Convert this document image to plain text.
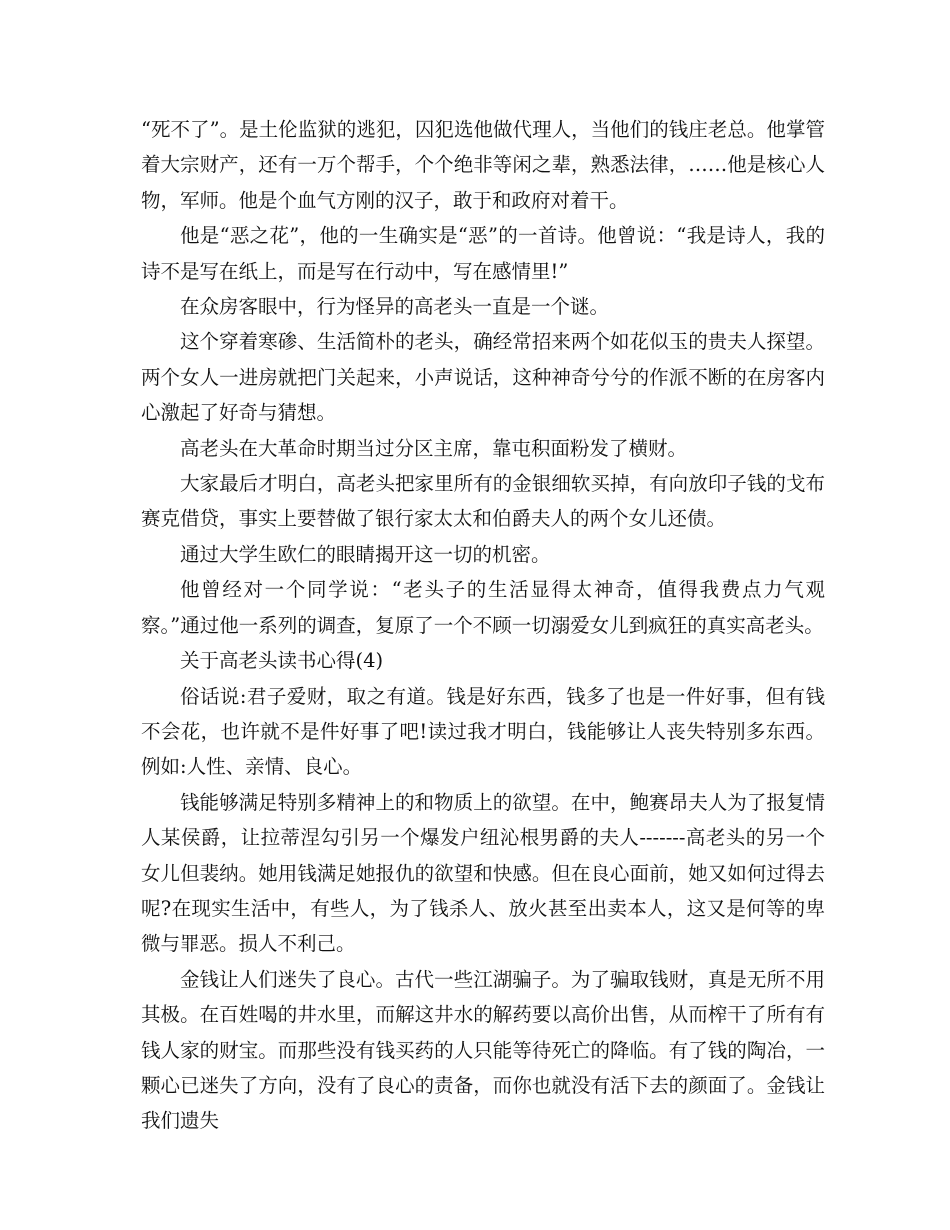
“死不了”。是土伦监狱的逃犯，囚犯选他做代理人，当他们的钱庄老总。他掌管着大宗财产，还有一万个帮手，个个绝非等闲之辈，熟悉法律，……他是核心人物，军师。他是个血气方刚的汉子，敢于和政府对着干。

他是“恶之花”，他的一生确实是“恶”的一首诗。他曾说：“我是诗人，我的诗不是写在纸上，而是写在行动中，写在感情里!”

在众房客眼中，行为怪异的高老头一直是一个谜。

这个穿着寒碜、生活简朴的老头，确经常招来两个如花似玉的贵夫人探望。两个女人一进房就把门关起来，小声说话，这种神奇兮兮的作派不断的在房客内心激起了好奇与猜想。

高老头在大革命时期当过分区主席，靠屯积面粉发了横财。

大家最后才明白，高老头把家里所有的金银细软买掉，有向放印子钱的戈布赛克借贷，事实上要替做了银行家太太和伯爵夫人的两个女儿还债。

通过大学生欧仁的眼睛揭开这一切的机密。

他曾经对一个同学说：“老头子的生活显得太神奇，值得我费点力气观察。”通过他一系列的调查，复原了一个不顾一切溺爱女儿到疯狂的真实高老头。

关于高老头读书心得(4)

俗话说:君子爱财，取之有道。钱是好东西，钱多了也是一件好事，但有钱不会花，也许就不是件好事了吧!读过我才明白，钱能够让人丧失特别多东西。例如:人性、亲情、良心。

钱能够满足特别多精神上的和物质上的欲望。在中，鲍赛昂夫人为了报复情人某侯爵，让拉蒂涅勾引另一个爆发户纽沁根男爵的夫人-------高老头的另一个女儿但裴纳。她用钱满足她报仇的欲望和快感。但在良心面前，她又如何过得去呢?在现实生活中，有些人，为了钱杀人、放火甚至出卖本人，这又是何等的卑微与罪恶。损人不利己。

金钱让人们迷失了良心。古代一些江湖骗子。为了骗取钱财，真是无所不用其极。在百姓喝的井水里，而解这井水的解药要以高价出售，从而榨干了所有有钱人家的财宝。而那些没有钱买药的人只能等待死亡的降临。有了钱的陶冶，一颗心已迷失了方向，没有了良心的责备，而你也就没有活下去的颜面了。金钱让我们遗失
